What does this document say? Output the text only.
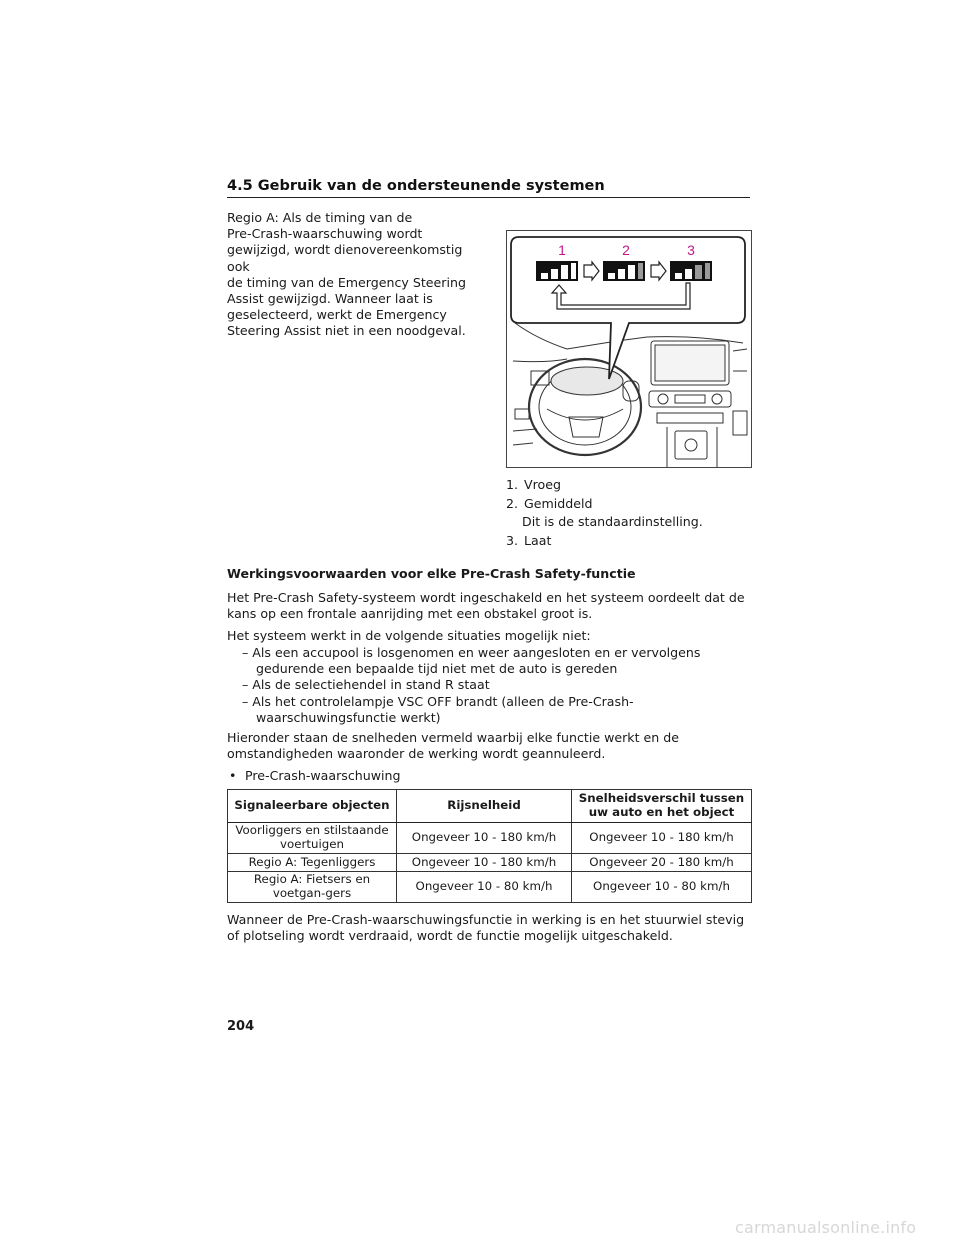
4.5 Gebruik van de ondersteunende systemen

Regio A: Als de timing van de
Pre-Crash-waarschuwing wordt
gewijzigd, wordt dienovereenkomstig ook
de timing van de Emergency Steering
Assist gewijzigd. Wanneer laat is
geselecteerd, werkt de Emergency
Steering Assist niet in een noodgeval.

1	2	3
1. Vroeg
2. Gemiddeld
Dit is de standaardinstelling.
3. Laat
Werkingsvoorwaarden voor elke Pre-Crash Safety-functie

Het Pre-Crash Safety-systeem wordt ingeschakeld en het systeem oordeelt dat de kans op een frontale aanrijding met een obstakel groot is.

Het systeem werkt in de volgende situaties mogelijk niet:

– Als een accupool is losgenomen en weer aangesloten en er vervolgens gedurende een bepaalde tijd niet met de auto is gereden
– Als de selectiehendel in stand R staat
– Als het controlelampje VSC OFF brandt (alleen de Pre-Crash-waarschuwingsfunctie werkt)

Hieronder staan de snelheden vermeld waarbij elke functie werkt en de omstandigheden waaronder de werking wordt geannuleerd.

• Pre-Crash-waarschuwing
Signaleerbare objecten	Rijsnelheid	Snelheidsverschil tussen uw auto en het object
Voorliggers en stilstaande voertuigen	Ongeveer 10 - 180 km/h	Ongeveer 10 - 180 km/h
Regio A: Tegenliggers	Ongeveer 10 - 180 km/h	Ongeveer 20 - 180 km/h
Regio A: Fietsers en voetgan-gers	Ongeveer 10 - 80 km/h	Ongeveer 10 - 80 km/h

Wanneer de Pre-Crash-waarschuwingsfunctie in werking is en het stuurwiel stevig of plotseling wordt verdraaid, wordt de functie mogelijk uitgeschakeld.

204
carmanualsonline.info
